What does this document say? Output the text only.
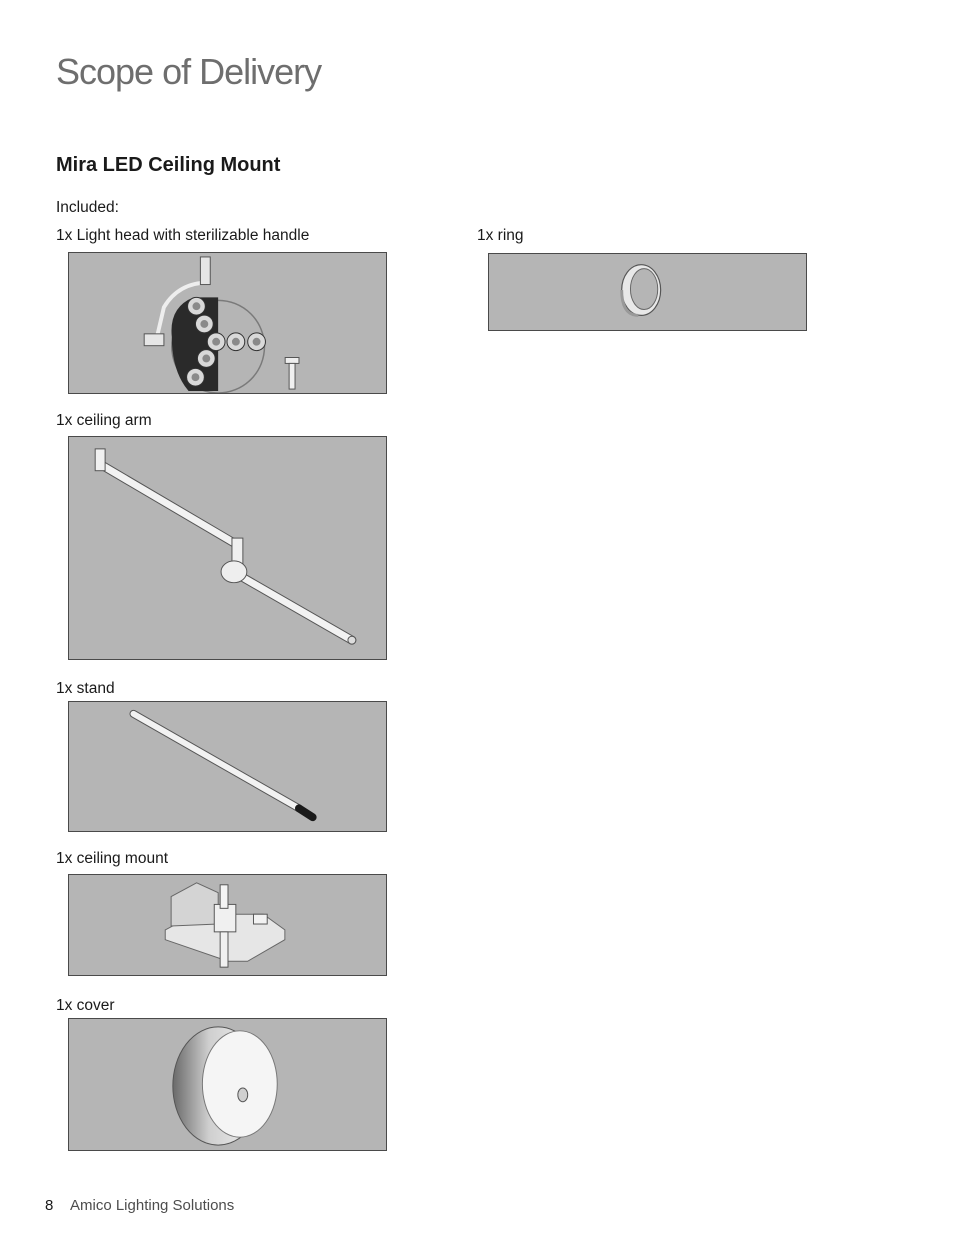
Scope of Delivery
Mira LED Ceiling Mount
Included:
1x Light head with sterilizable handle	1x ring
1x ceiling arm
1x stand
1x ceiling mount
1x cover
8 Amico Lighting Solutions
